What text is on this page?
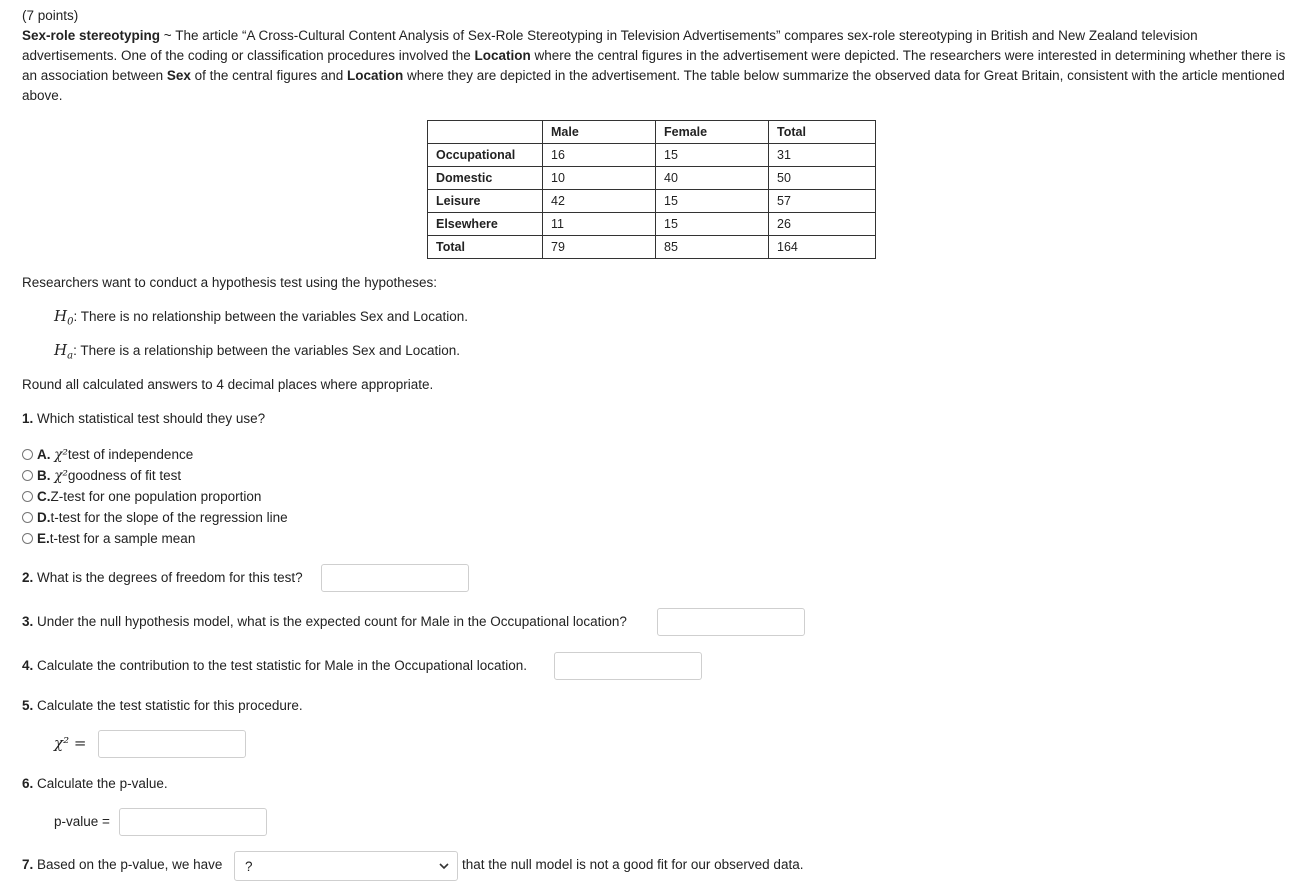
(7 points)
Sex-role stereotyping ~ The article “A Cross-Cultural Content Analysis of Sex-Role Stereotyping in Television Advertisements” compares sex-role stereotyping in British and New Zealand television advertisements. One of the coding or classification procedures involved the Location where the central figures in the advertisement were depicted. The researchers were interested in determining whether there is an association between Sex of the central figures and Location where they are depicted in the advertisement. The table below summarize the observed data for Great Britain, consistent with the article mentioned above.
	Male	Female	Total
Occupational	16	15	31
Domestic	10	40	50
Leisure	42	15	57
Elsewhere	11	15	26
Total	79	85	164
Researchers want to conduct a hypothesis test using the hypotheses:
$H_0$: There is no relationship between the variables Sex and Location.
$H_a$: There is a relationship between the variables Sex and Location.
Round all calculated answers to 4 decimal places where appropriate.
1. Which statistical test should they use?
A.
χ² test of independence
B.
χ² goodness of fit test
C. Z-test for one population proportion
D. t-test for the slope of the regression line
E. t-test for a sample mean
2. What is the degrees of freedom for this test?
3. Under the null hypothesis model, what is the expected count for Male in the Occupational location?
4. Calculate the contribution to the test statistic for Male in the Occupational location.
5. Calculate the test statistic for this procedure.
χ² =
6. Calculate the p-value.
p-value =
7. Based on the p-value, we have ?	that the null model is not a good fit for our observed data.
